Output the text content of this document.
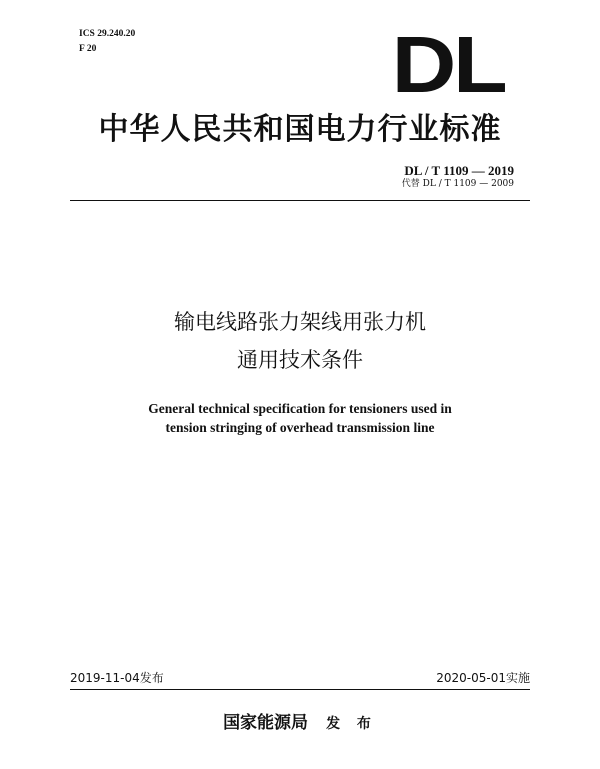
ICS 29.240.20
F 20	DL
中华人民共和国电力行业标准
DL / T 1109 — 2019
代替 DL / T 1109 — 2009
输电线路张力架线用张力机
通用技术条件
General technical specification for tensioners used in
tension stringing of overhead transmission line
2019-11-04发布	2020-05-01实施
国家能源局 发 布
